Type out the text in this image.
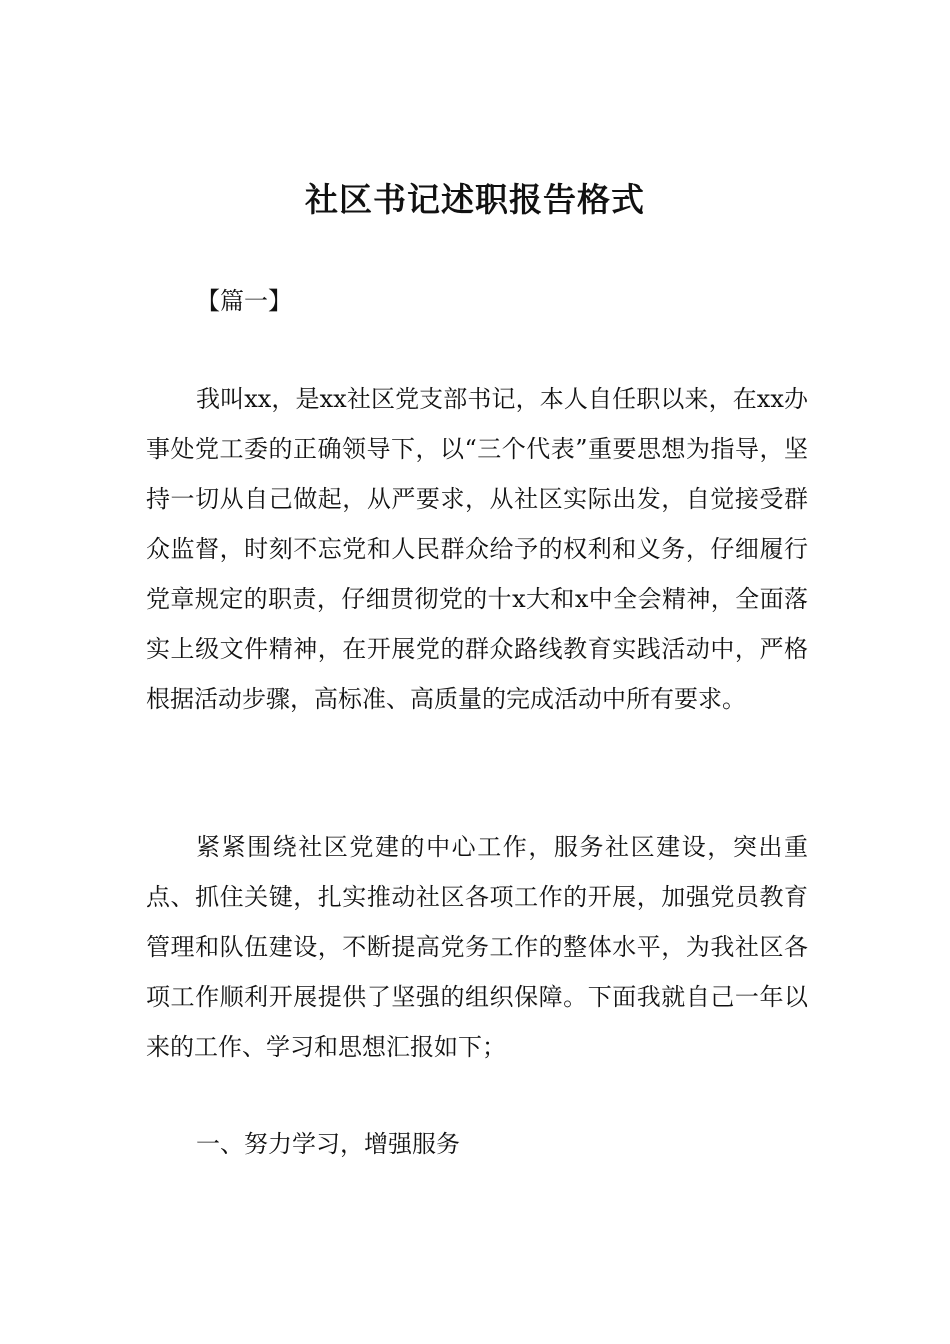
社区书记述职报告格式
【篇一】

我叫xx，是xx社区党支部书记，本人自任职以来，在xx办事处党工委的正确领导下，以“三个代表”重要思想为指导，坚持一切从自己做起，从严要求，从社区实际出发，自觉接受群众监督，时刻不忘党和人民群众给予的权利和义务，仔细履行党章规定的职责，仔细贯彻党的十x大和x中全会精神，全面落实上级文件精神，在开展党的群众路线教育实践活动中，严格根据活动步骤，高标准、高质量的完成活动中所有要求。

紧紧围绕社区党建的中心工作，服务社区建设，突出重点、抓住关键，扎实推动社区各项工作的开展，加强党员教育管理和队伍建设，不断提高党务工作的整体水平，为我社区各项工作顺利开展提供了坚强的组织保障。下面我就自己一年以来的工作、学习和思想汇报如下；

一、努力学习，增强服务
